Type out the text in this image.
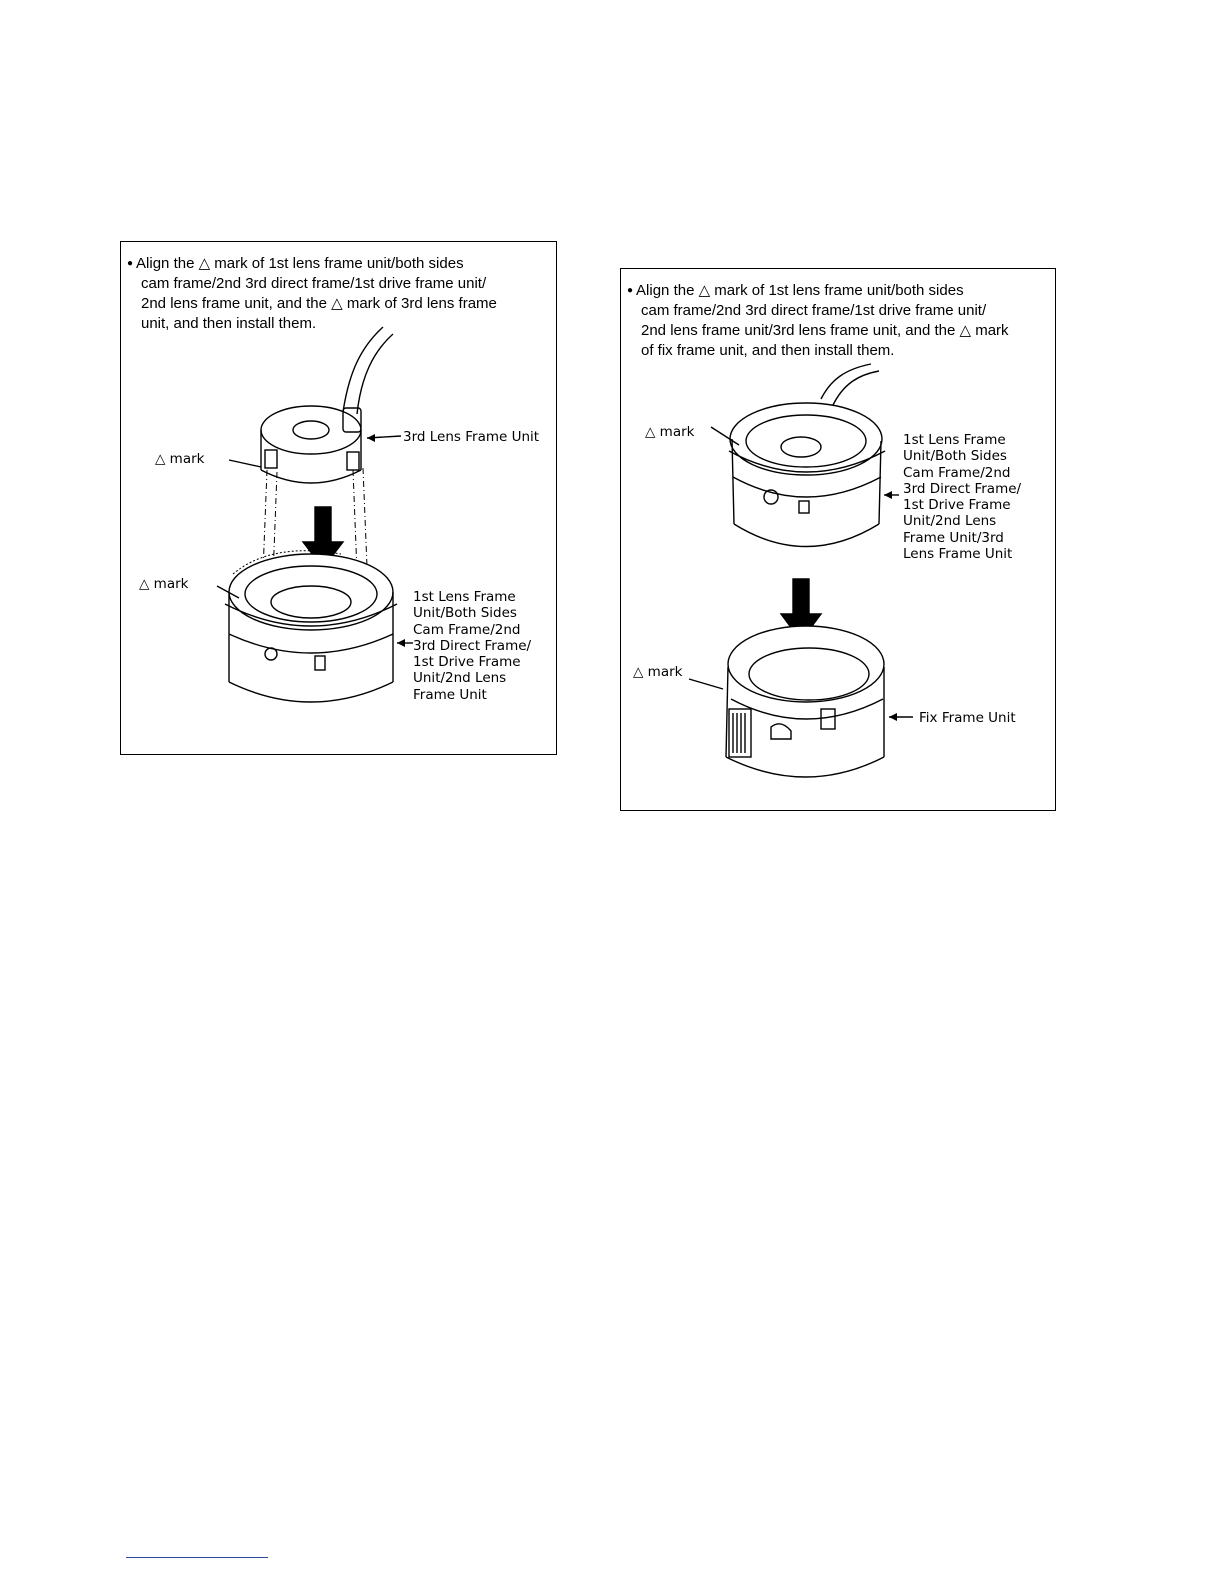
● Align the △ mark of 1st lens frame unit/both sides
cam frame/2nd 3rd direct frame/1st drive frame unit/
2nd lens frame unit, and the △ mark of 3rd lens frame
unit, and then install them.

3rd Lens Frame Unit
△ mark
△ mark
1st Lens Frame
Unit/Both Sides
Cam Frame/2nd
3rd Direct Frame/
1st Drive Frame
Unit/2nd Lens
Frame Unit

● Align the △ mark of 1st lens frame unit/both sides
cam frame/2nd 3rd direct frame/1st drive frame unit/
2nd lens frame unit/3rd lens frame unit, and the △ mark
of fix frame unit, and then install them.

△ mark	1st Lens Frame
Unit/Both Sides
Cam Frame/2nd
3rd Direct Frame/
1st Drive Frame
Unit/2nd Lens
Frame Unit/3rd
Lens Frame Unit
△ mark
Fix Frame Unit
